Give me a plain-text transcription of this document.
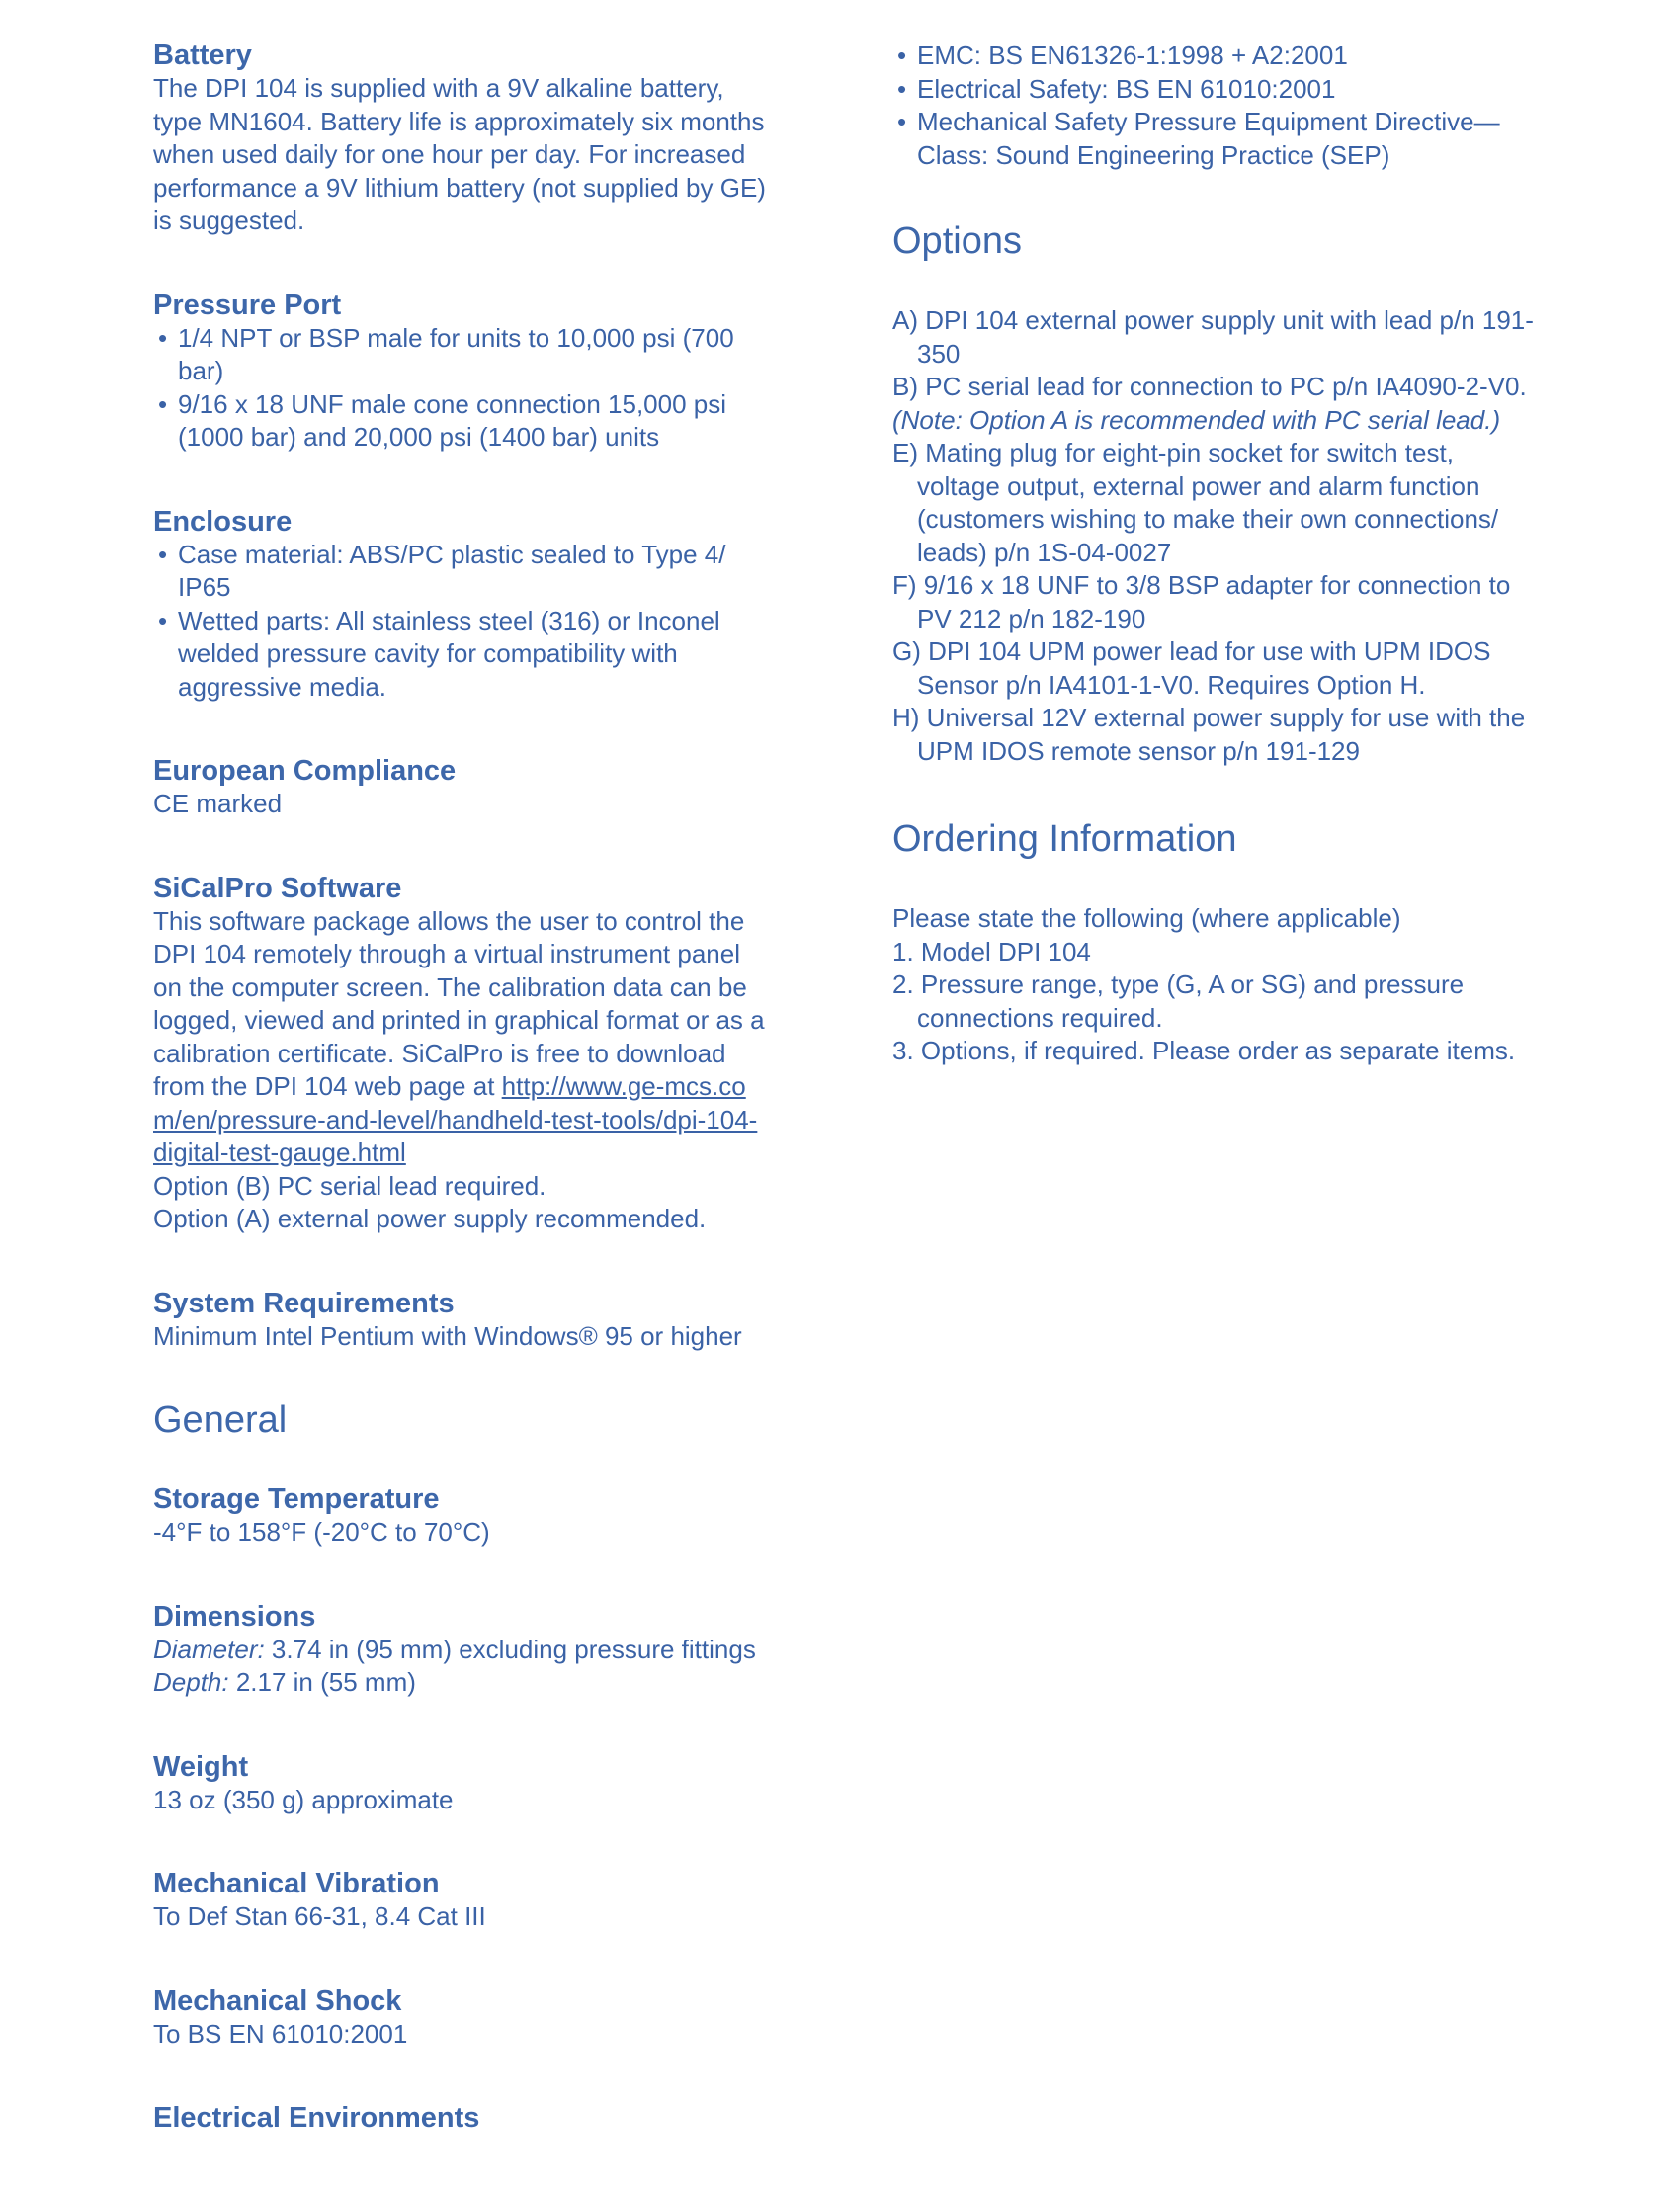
Battery
The DPI 104 is supplied with a 9V alkaline battery, type MN1604. Battery life is approximately six months when used daily for one hour per day. For increased performance a 9V lithium battery (not supplied by GE) is suggested.
Pressure Port

• 1/4 NPT or BSP male for units to 10,000 psi (700 bar)

• 9/16 x 18 UNF male cone connection 15,000 psi (1000 bar) and 20,000 psi (1400 bar) units

Enclosure

• Case material: ABS/PC plastic sealed to Type 4/ IP65

• Wetted parts: All stainless steel (316) or Inconel welded pressure cavity for compatibility with aggressive media.

European Compliance
CE marked
SiCalPro Software

This software package allows the user to control the DPI 104 remotely through a virtual instrument panel on the computer screen. The calibration data can be logged, viewed and printed in graphical format or as a calibration certificate. SiCalPro is free to download from the DPI 104 web page at http://www.ge-mcs.com/en/pressure-and-level/handheld-test-tools/dpi-104-digital-test-gauge.html

Option (B) PC serial lead required.

Option (A) external power supply recommended.

System Requirements
Minimum Intel Pentium with Windows® 95 or higher
General
Storage Temperature
-4°F to 158°F (-20°C to 70°C)
Dimensions

Diameter: 3.74 in (95 mm) excluding pressure fittings

Depth: 2.17 in (55 mm)

Weight
13 oz (350 g) approximate
Mechanical Vibration
To Def Stan 66-31, 8.4 Cat III
Mechanical Shock
To BS EN 61010:2001
Electrical Environments

• EMC: BS EN61326-1:1998 + A2:2001

• Electrical Safety: BS EN 61010:2001

• Mechanical Safety Pressure Equipment Directive—Class: Sound Engineering Practice (SEP)

Options

A) DPI 104 external power supply unit with lead p/n 191-350

B) PC serial lead for connection to PC p/n IA4090-2-V0.

(Note: Option A is recommended with PC serial lead.)

E) Mating plug for eight-pin socket for switch test, voltage output, external power and alarm function (customers wishing to make their own connections/ leads) p/n 1S-04-0027

F) 9/16 x 18 UNF to 3/8 BSP adapter for connection to PV 212 p/n 182-190

G) DPI 104 UPM power lead for use with UPM IDOS Sensor p/n IA4101-1-V0. Requires Option H.

H) Universal 12V external power supply for use with the UPM IDOS remote sensor p/n 191-129

Ordering Information

Please state the following (where applicable)

1. Model DPI 104

2. Pressure range, type (G, A or SG) and pressure connections required.

3. Options, if required. Please order as separate items.
